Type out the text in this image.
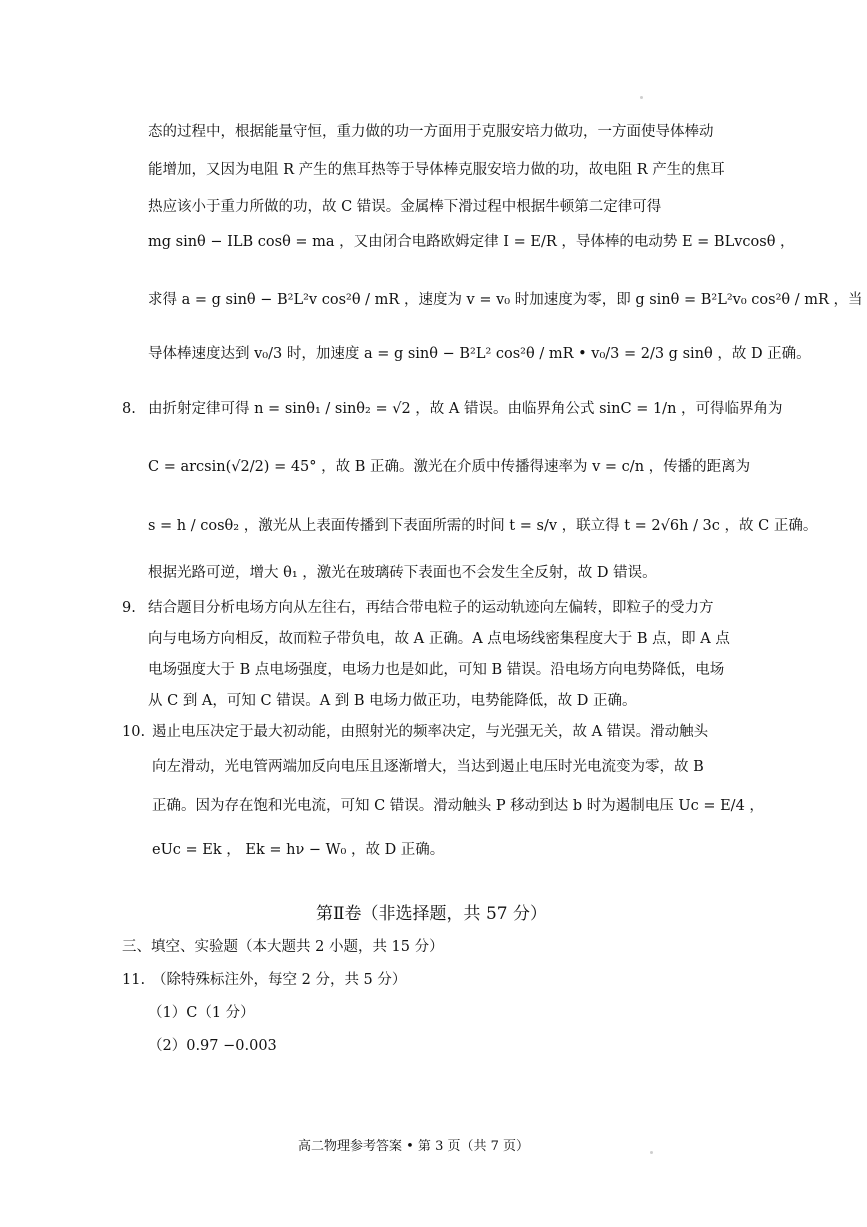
态的过程中，根据能量守恒，重力做的功一方面用于克服安培力做功，一方面使导体棒动
能增加，又因为电阻 R 产生的焦耳热等于导体棒克服安培力做的功，故电阻 R 产生的焦耳
热应该小于重力所做的功，故 C 错误。金属棒下滑过程中根据牛顿第二定律可得
mg sinθ − ILB cosθ = ma ，又由闭合电路欧姆定律 I = E/R ，导体棒的电动势 E = BLvcosθ ，
求得 a = g sinθ − B²L²v cos²θ / mR ，速度为 v = v₀ 时加速度为零，即 g sinθ = B²L²v₀ cos²θ / mR ，当
导体棒速度达到 v₀/3 时，加速度 a = g sinθ − B²L² cos²θ / mR • v₀/3 = 2/3 g sinθ ，故 D 正确。
8. 由折射定律可得 n = sinθ₁ / sinθ₂ = √2 ，故 A 错误。由临界角公式 sinC = 1/n ，可得临界角为
C = arcsin(√2/2) = 45° ，故 B 正确。激光在介质中传播得速率为 v = c/n ，传播的距离为
s = h / cosθ₂ ，激光从上表面传播到下表面所需的时间 t = s/v ，联立得 t = 2√6h / 3c ，故 C 正确。
根据光路可逆，增大 θ₁ ，激光在玻璃砖下表面也不会发生全反射，故 D 错误。
9. 结合题目分析电场方向从左往右，再结合带电粒子的运动轨迹向左偏转，即粒子的受力方
向与电场方向相反，故而粒子带负电，故 A 正确。A 点电场线密集程度大于 B 点，即 A 点
电场强度大于 B 点电场强度，电场力也是如此，可知 B 错误。沿电场方向电势降低，电场
从 C 到 A，可知 C 错误。A 到 B 电场力做正功，电势能降低，故 D 正确。
10. 遏止电压决定于最大初动能，由照射光的频率决定，与光强无关，故 A 错误。滑动触头
向左滑动，光电管两端加反向电压且逐渐增大，当达到遏止电压时光电流变为零，故 B
正确。因为存在饱和光电流，可知 C 错误。滑动触头 P 移动到达 b 时为遏制电压 Uc = E/4 ，
eUc = Ek ， Ek = hν − W₀ ，故 D 正确。
第Ⅱ卷（非选择题，共 57 分）
三、填空、实验题（本大题共 2 小题，共 15 分）
11. （除特殊标注外，每空 2 分，共 5 分）
（1）C（1 分）
（2）0.97 −0.003
高二物理参考答案 • 第 3 页（共 7 页）
